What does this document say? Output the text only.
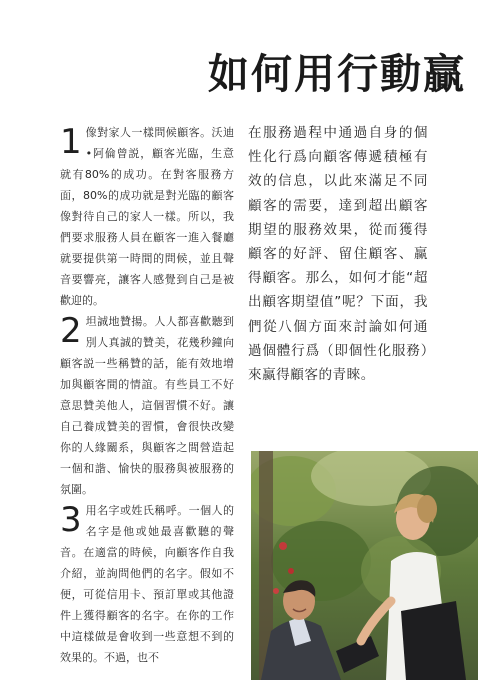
如何用行動贏

1 像對家人一樣問候顧客。沃迪•阿倫曾説，顧客光臨，生意就有80%的成功。在對客服務方面，80%的成功就是對光臨的顧客像對待自己的家人一樣。所以，我們要求服務人員在顧客一進入餐廳就要提供第一時間的問候，並且聲音要響亮，讓客人感覺到自己是被歡迎的。

2 坦誠地贊揚。人人都喜歡聽到別人真誠的贊美，花幾秒鐘向顧客説一些稱贊的話，能有效地增加與顧客間的情誼。有些員工不好意思贊美他人，這個習慣不好。讓自己養成贊美的習慣，會很快改變你的人緣關系，與顧客之間營造起一個和諧、愉快的服務與被服務的氛圍。

3 用名字或姓氏稱呼。一個人的名字是他或她最喜歡聽的聲音。在適當的時候，向顧客作自我介紹，並詢問他們的名字。假如不便，可從信用卡、預訂單或其他證件上獲得顧客的名字。在你的工作中這樣做是會收到一些意想不到的效果的。不過，也不

在服務過程中通過自身的個性化行爲向顧客傳遞積極有效的信息，以此來滿足不同顧客的需要，達到超出顧客期望的服務效果，從而獲得顧客的好評、留住顧客、赢得顧客。那么，如何才能“超出顧客期望值”呢？下面，我們從八個方面來討論如何通過個體行爲（即個性化服務）來赢得顧客的青睞。
